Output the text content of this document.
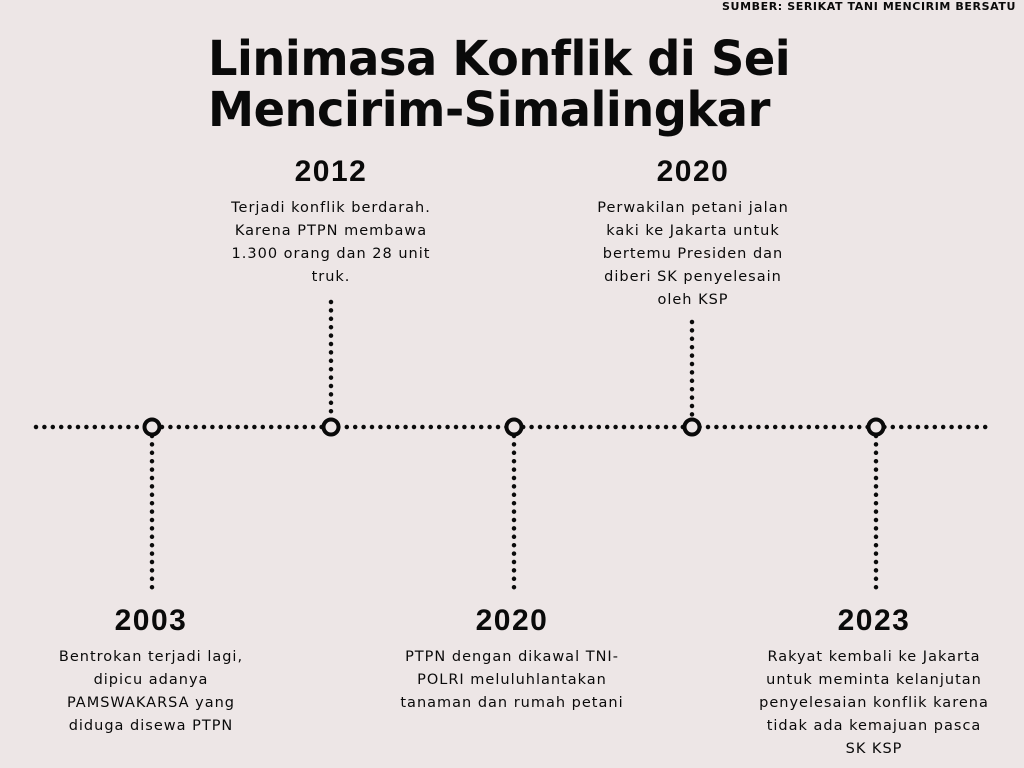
SUMBER: SERIKAT TANI MENCIRIM BERSATU
Linimasa Konflik di Sei
Mencirim-Simalingkar
2003
Bentrokan terjadi lagi, dipicu adanya PAMSWAKARSA yang diduga disewa PTPN
2012
Terjadi konflik berdarah. Karena PTPN membawa 1.300 orang dan 28 unit truk.
2020
PTPN dengan dikawal TNI-POLRI meluluhlantakan tanaman dan rumah petani
2020
Perwakilan petani jalan kaki ke Jakarta untuk bertemu Presiden dan diberi SK penyelesain oleh KSP
2023
Rakyat kembali ke Jakarta untuk meminta kelanjutan penyelesaian konflik karena tidak ada kemajuan pasca SK KSP
